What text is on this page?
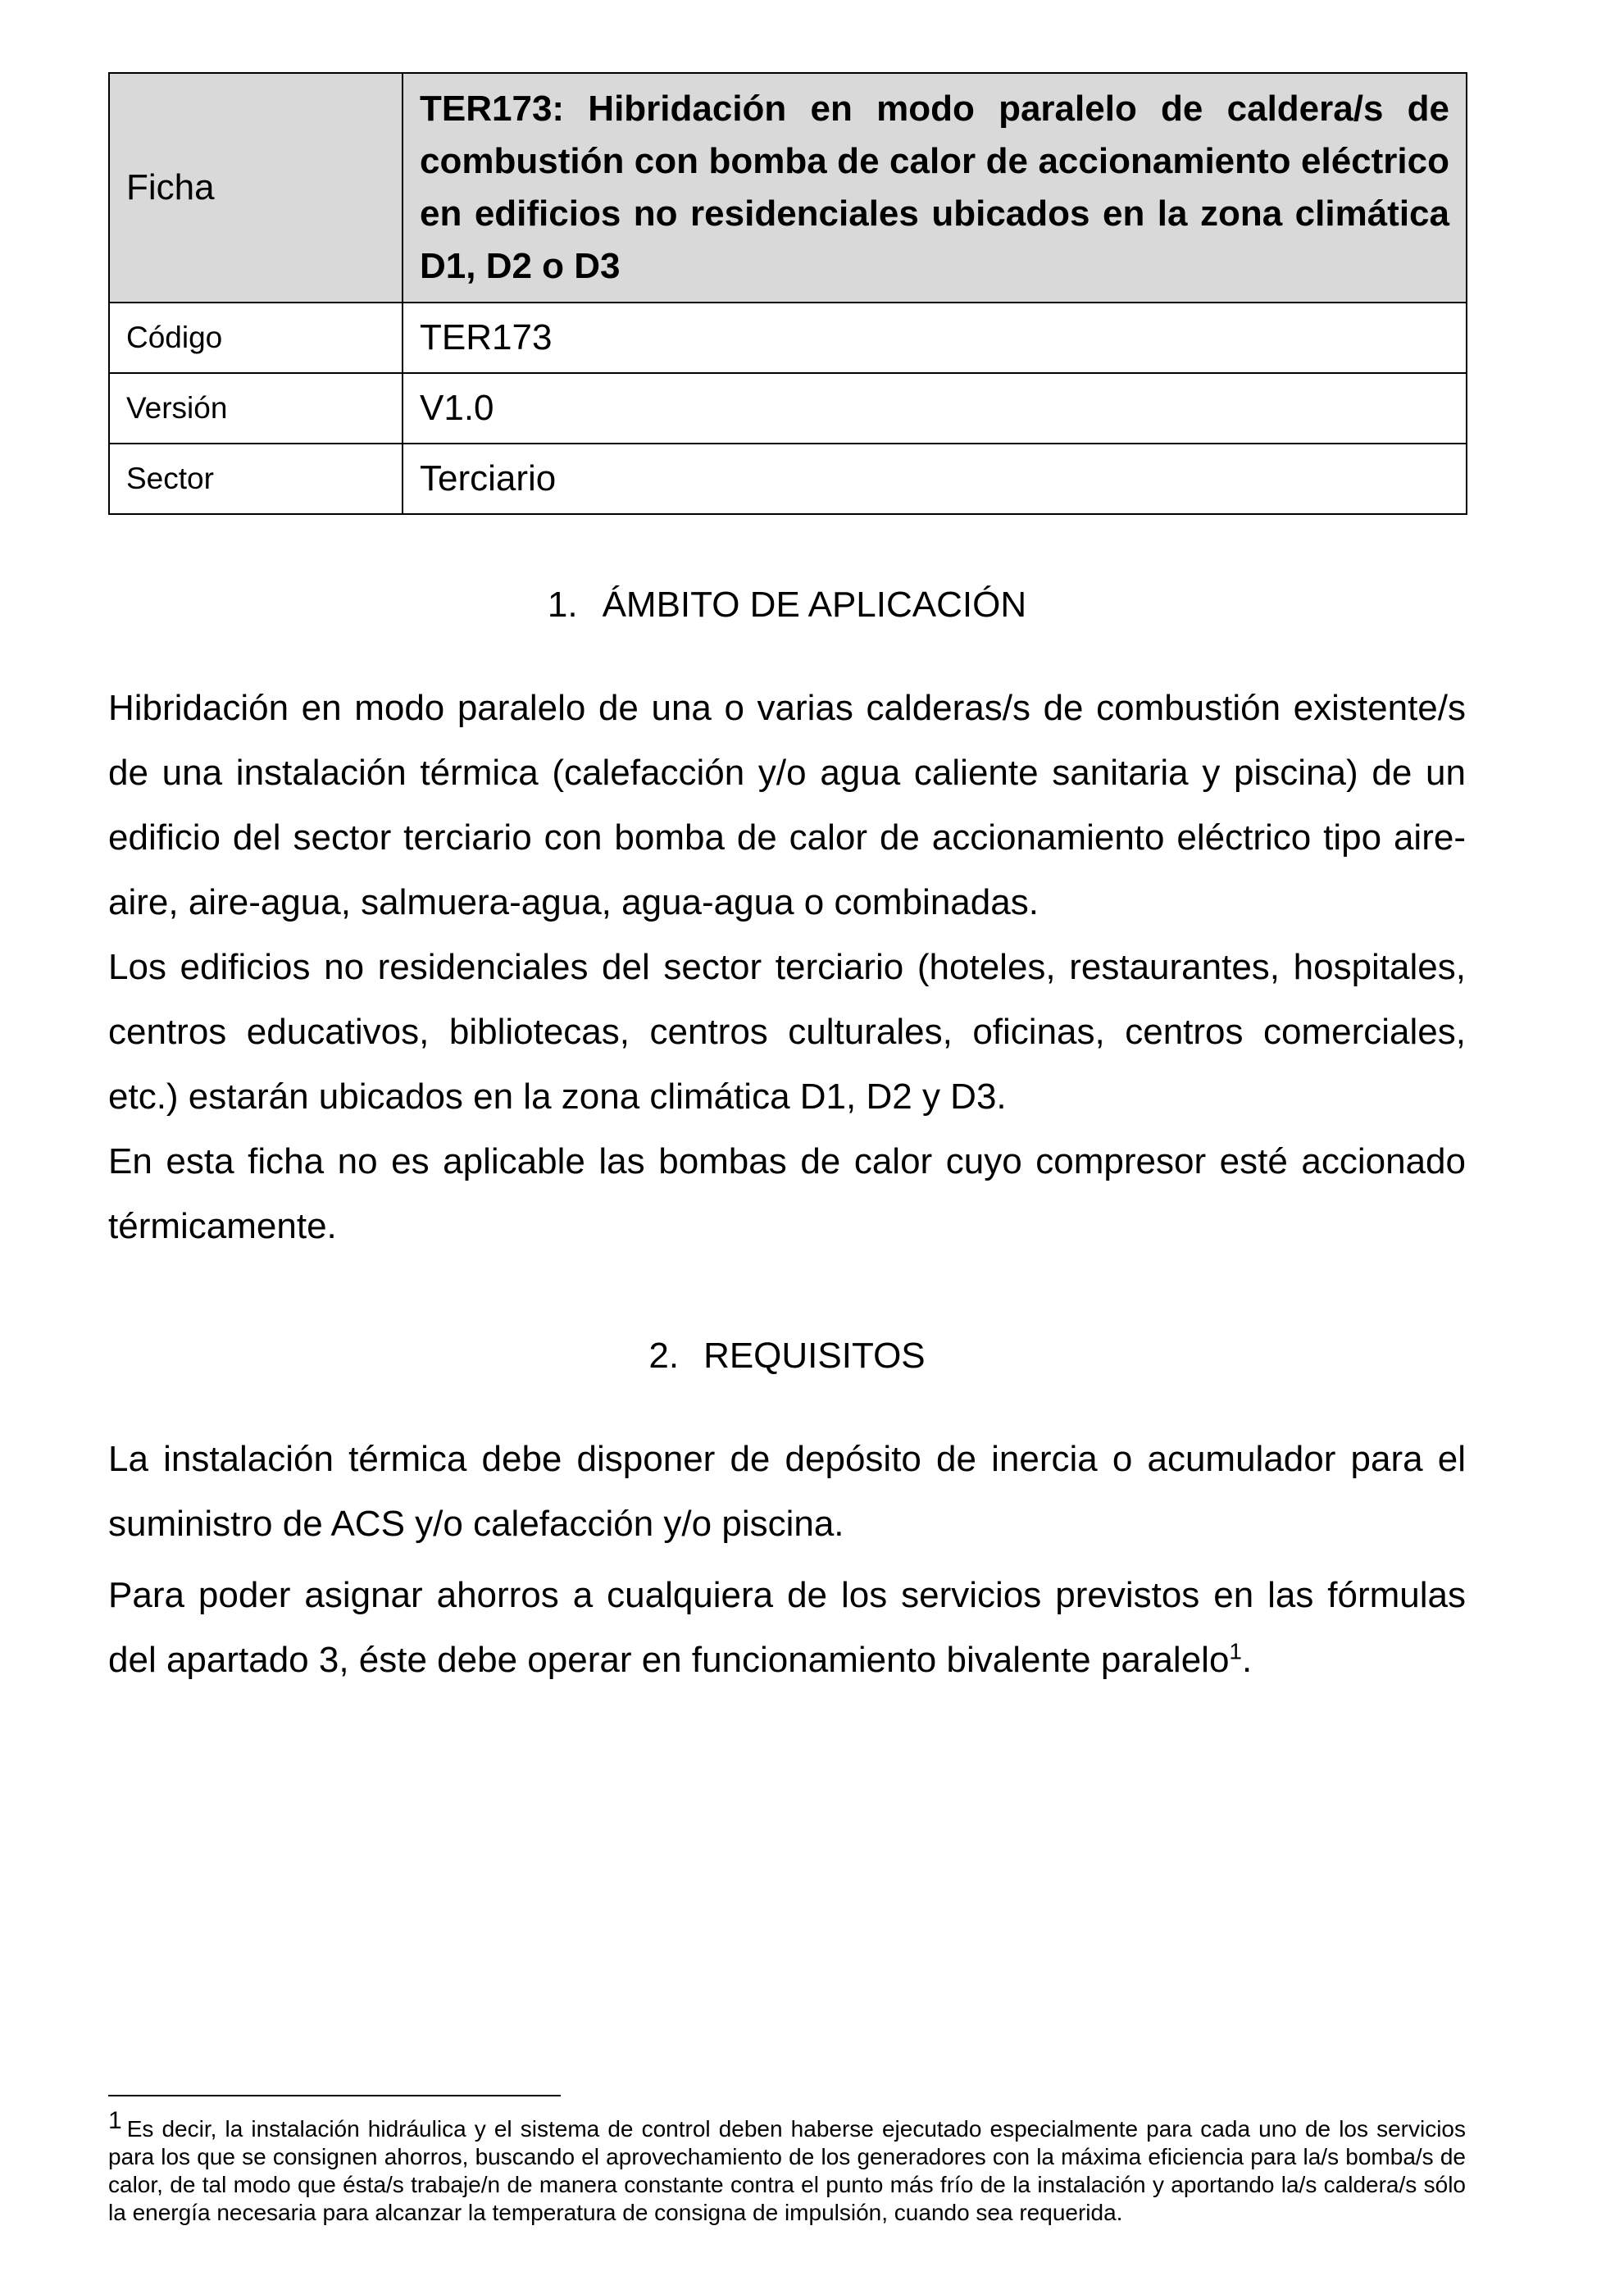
Ficha	TER173: Hibridación en modo paralelo de caldera/s de combustión con bomba de calor de accionamiento eléctrico en edificios no residenciales ubicados en la zona climática D1, D2 o D3

Código	TER173
Versión	V1.0
Sector	Terciario
1. ÁMBITO DE APLICACIÓN

Hibridación en modo paralelo de una o varias calderas/s de combustión existente/s de una instalación térmica (calefacción y/o agua caliente sanitaria y piscina) de un edificio del sector terciario con bomba de calor de accionamiento eléctrico tipo aire-aire, aire-agua, salmuera-agua, agua-agua o combinadas.

Los edificios no residenciales del sector terciario (hoteles, restaurantes, hospitales, centros educativos, bibliotecas, centros culturales, oficinas, centros comerciales, etc.) estarán ubicados en la zona climática D1, D2 y D3.

En esta ficha no es aplicable las bombas de calor cuyo compresor esté accionado térmicamente.

2. REQUISITOS

La instalación térmica debe disponer de depósito de inercia o acumulador para el suministro de ACS y/o calefacción y/o piscina.

Para poder asignar ahorros a cualquiera de los servicios previstos en las fórmulas del apartado 3, éste debe operar en funcionamiento bivalente paralelo$^1$.

1 Es decir, la instalación hidráulica y el sistema de control deben haberse ejecutado especialmente para cada uno de los servicios para los que se consignen ahorros, buscando el aprovechamiento de los generadores con la máxima eficiencia para la/s bomba/s de calor, de tal modo que ésta/s trabaje/n de manera constante contra el punto más frío de la instalación y aportando la/s caldera/s sólo la energía necesaria para alcanzar la temperatura de consigna de impulsión, cuando sea requerida.
